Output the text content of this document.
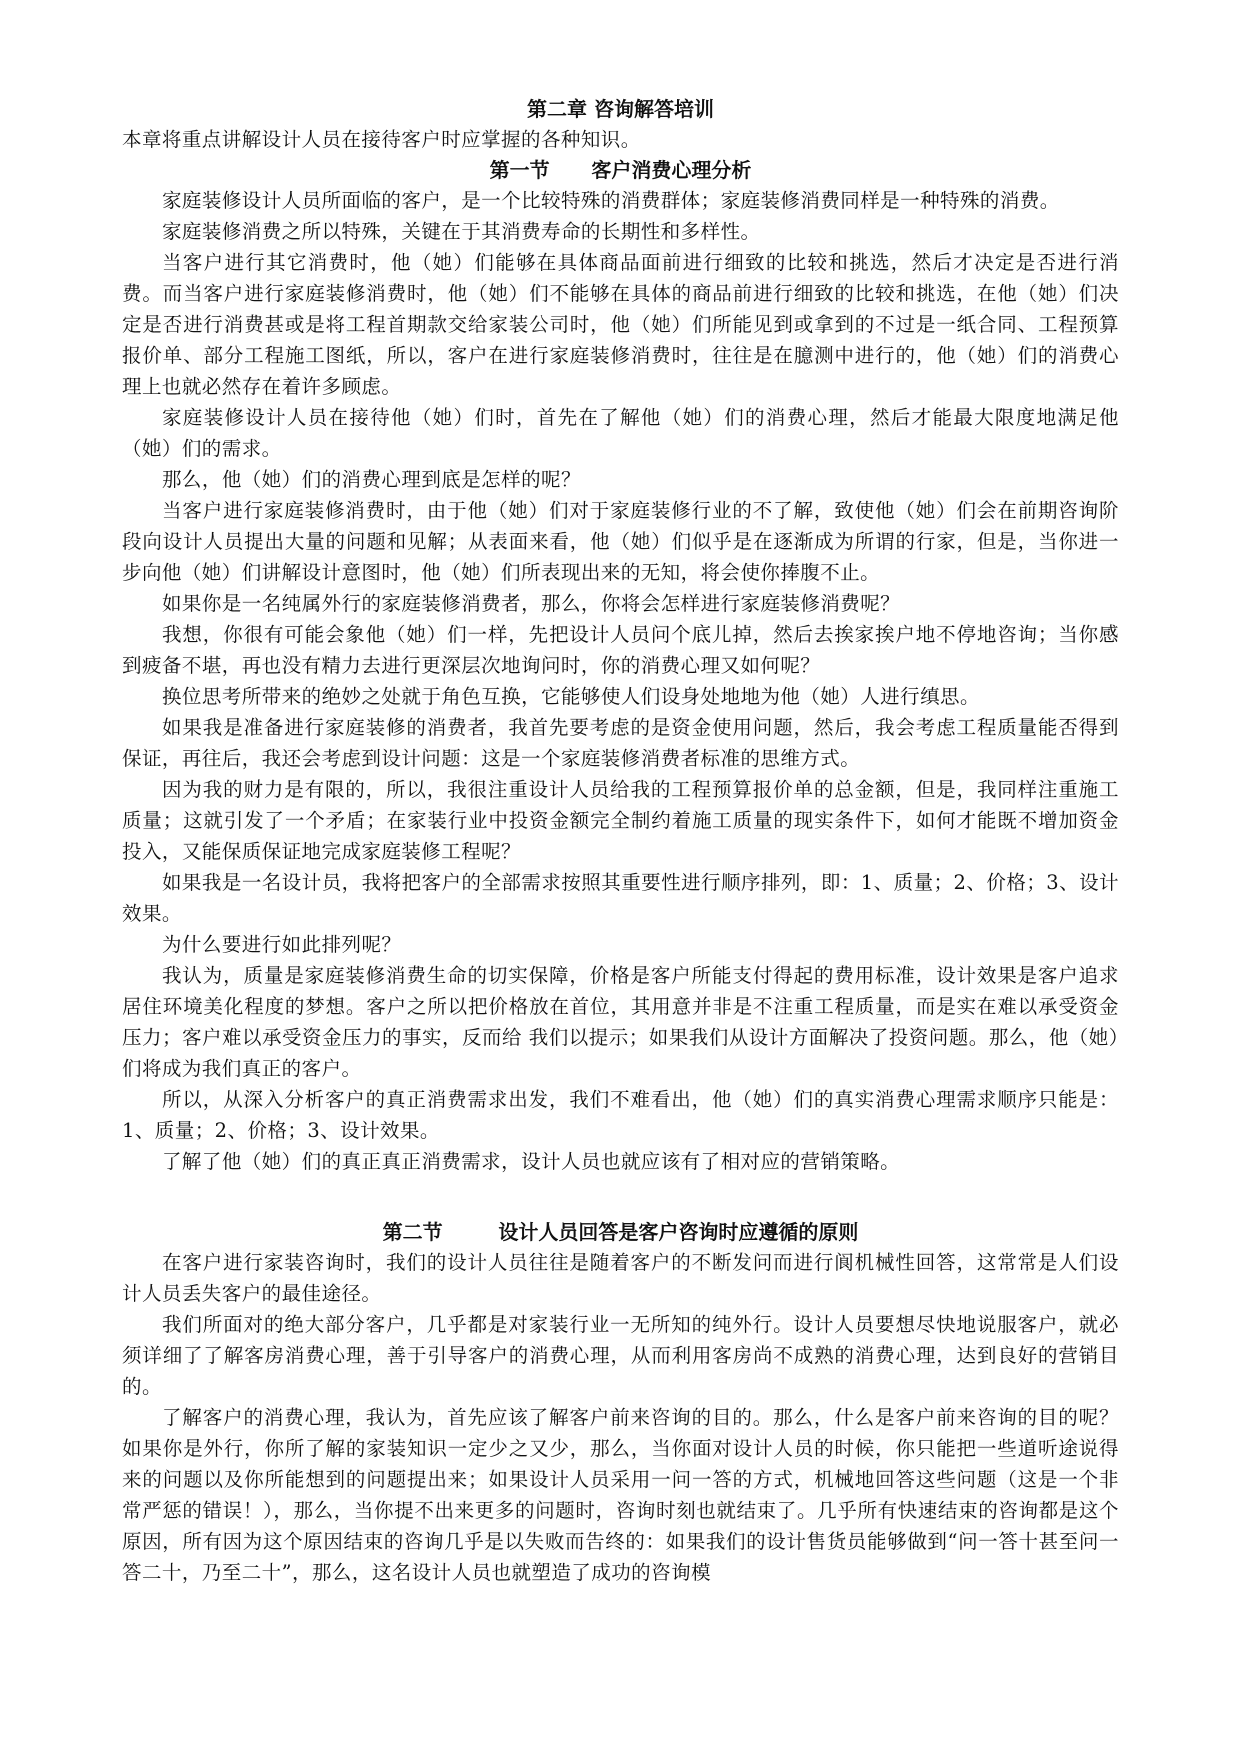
第二章 咨询解答培训

本章将重点讲解设计人员在接待客户时应掌握的各种知识。

第一节      客户消费心理分析

家庭装修设计人员所面临的客户，是一个比较特殊的消费群体；家庭装修消费同样是一种特殊的消费。

家庭装修消费之所以特殊，关键在于其消费寿命的长期性和多样性。

当客户进行其它消费时，他（她）们能够在具体商品面前进行细致的比较和挑选，然后才决定是否进行消费。而当客户进行家庭装修消费时，他（她）们不能够在具体的商品前进行细致的比较和挑选，在他（她）们决定是否进行消费甚或是将工程首期款交给家装公司时，他（她）们所能见到或拿到的不过是一纸合同、工程预算报价单、部分工程施工图纸，所以，客户在进行家庭装修消费时，往往是在臆测中进行的，他（她）们的消费心理上也就必然存在着许多顾虑。

家庭装修设计人员在接待他（她）们时，首先在了解他（她）们的消费心理，然后才能最大限度地满足他（她）们的需求。

那么，他（她）们的消费心理到底是怎样的呢？

当客户进行家庭装修消费时，由于他（她）们对于家庭装修行业的不了解，致使他（她）们会在前期咨询阶段向设计人员提出大量的问题和见解；从表面来看，他（她）们似乎是在逐渐成为所谓的行家，但是，当你进一步向他（她）们讲解设计意图时，他（她）们所表现出来的无知，将会使你捧腹不止。

如果你是一名纯属外行的家庭装修消费者，那么，你将会怎样进行家庭装修消费呢？

我想，你很有可能会象他（她）们一样，先把设计人员问个底儿掉，然后去挨家挨户地不停地咨询；当你感到疲备不堪，再也没有精力去进行更深层次地询问时，你的消费心理又如何呢？

换位思考所带来的绝妙之处就于角色互换，它能够使人们设身处地地为他（她）人进行缜思。

如果我是准备进行家庭装修的消费者，我首先要考虑的是资金使用问题，然后，我会考虑工程质量能否得到保证，再往后，我还会考虑到设计问题：这是一个家庭装修消费者标准的思维方式。

因为我的财力是有限的，所以，我很注重设计人员给我的工程预算报价单的总金额，但是，我同样注重施工质量；这就引发了一个矛盾；在家装行业中投资金额完全制约着施工质量的现实条件下，如何才能既不增加资金投入，又能保质保证地完成家庭装修工程呢？

如果我是一名设计员，我将把客户的全部需求按照其重要性进行顺序排列，即：1、质量；2、价格；3、设计效果。

为什么要进行如此排列呢？

我认为，质量是家庭装修消费生命的切实保障，价格是客户所能支付得起的费用标准，设计效果是客户追求居住环境美化程度的梦想。客户之所以把价格放在首位，其用意并非是不注重工程质量，而是实在难以承受资金压力；客户难以承受资金压力的事实，反而给 我们以提示；如果我们从设计方面解决了投资问题。那么，他（她）们将成为我们真正的客户。

所以，从深入分析客户的真正消费需求出发，我们不难看出，他（她）们的真实消费心理需求顺序只能是：1、质量；2、价格；3、设计效果。

了解了他（她）们的真正真正消费需求，设计人员也就应该有了相对应的营销策略。

第二节        设计人员回答是客户咨询时应遵循的原则

在客户进行家装咨询时，我们的设计人员往往是随着客户的不断发问而进行阆机械性回答，这常常是人们设计人员丢失客户的最佳途径。

我们所面对的绝大部分客户，几乎都是对家装行业一无所知的纯外行。设计人员要想尽快地说服客户，就必须详细了了解客房消费心理，善于引导客户的消费心理，从而利用客房尚不成熟的消费心理，达到良好的营销目的。

了解客户的消费心理，我认为，首先应该了解客户前来咨询的目的。那么，什么是客户前来咨询的目的呢？如果你是外行，你所了解的家装知识一定少之又少，那么，当你面对设计人员的时候，你只能把一些道听途说得来的问题以及你所能想到的问题提出来；如果设计人员采用一问一答的方式，机械地回答这些问题（这是一个非常严惩的错误！），那么，当你提不出来更多的问题时，咨询时刻也就结束了。几乎所有快速结束的咨询都是这个原因，所有因为这个原因结束的咨询几乎是以失败而告终的：如果我们的设计售货员能够做到“问一答十甚至问一答二十，乃至二十”，那么，这名设计人员也就塑造了成功的咨询模
